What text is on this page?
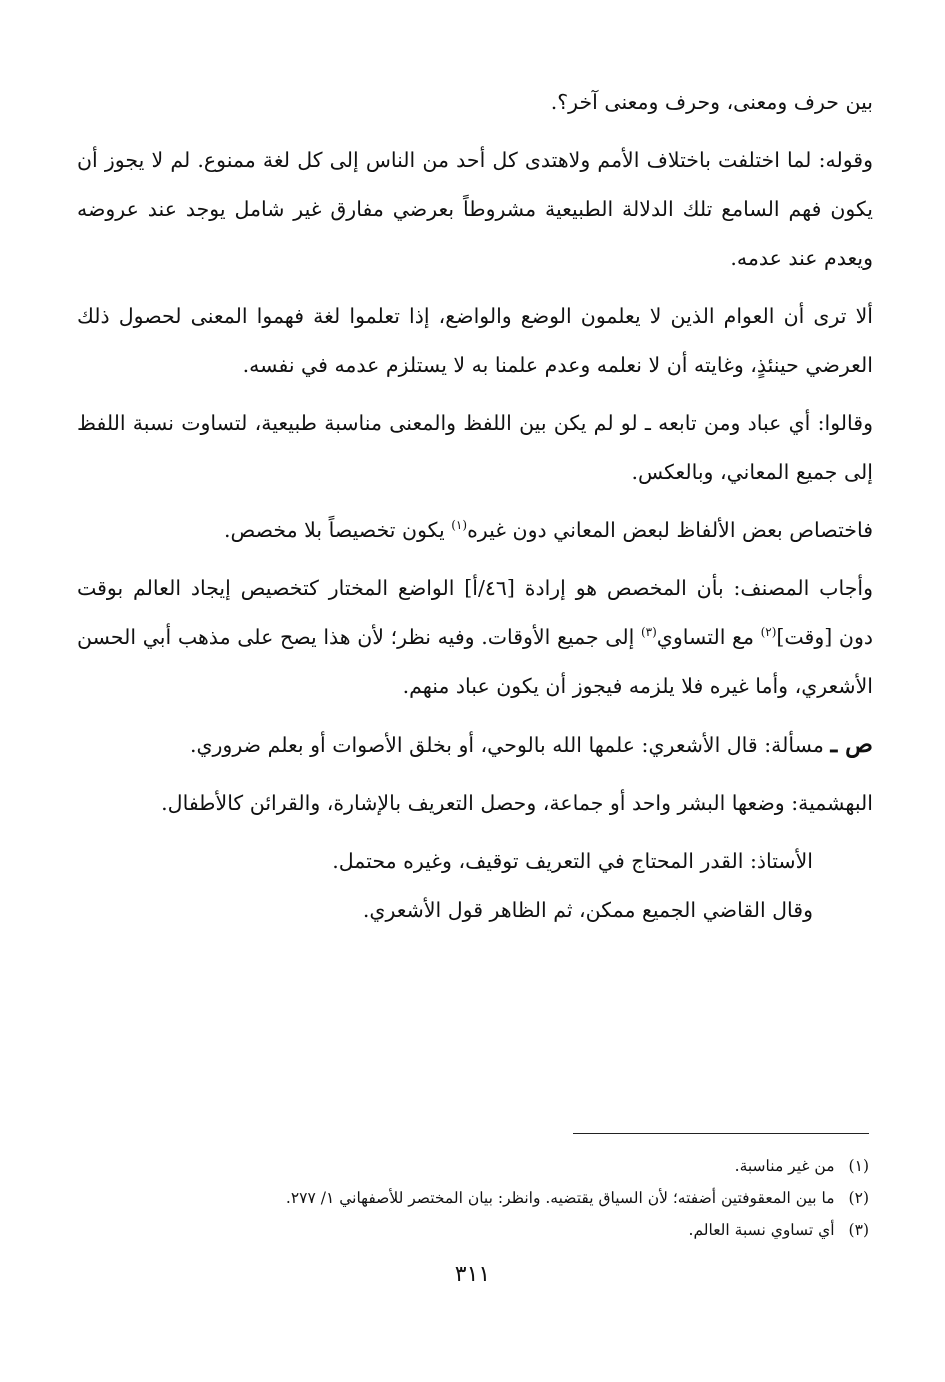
بين حرف ومعنى، وحرف ومعنى آخر؟.

وقوله: لما اختلفت باختلاف الأمم ولاهتدى كل أحد من الناس إلى كل لغة ممنوع. لم لا يجوز أن يكون فهم السامع تلك الدلالة الطبيعية مشروطاً بعرضي مفارق غير شامل يوجد عند عروضه ويعدم عند عدمه.

ألا ترى أن العوام الذين لا يعلمون الوضع والواضع، إذا تعلموا لغة فهموا المعنى لحصول ذلك العرضي حينئذٍ، وغايته أن لا نعلمه وعدم علمنا به لا يستلزم عدمه في نفسه.

وقالوا: أي عباد ومن تابعه ـ لو لم يكن بين اللفظ والمعنى مناسبة طبيعية، لتساوت نسبة اللفظ إلى جميع المعاني، وبالعكس.

فاختصاص بعض الألفاظ لبعض المعاني دون غيره$^{(١)}$ يكون تخصيصاً بلا مخصص.

وأجاب المصنف: بأن المخصص هو إرادة [٤٦/أ] الواضع المختار كتخصيص إيجاد العالم بوقت دون [وقت]$^{(٢)}$ مع التساوي$^{(٣)}$ إلى جميع الأوقات. وفيه نظر؛ لأن هذا يصح على مذهب أبي الحسن الأشعري، وأما غيره فلا يلزمه فيجوز أن يكون عباد منهم.

ص ـ مسألة: قال الأشعري: علمها الله بالوحي، أو بخلق الأصوات أو بعلم ضروري.

البهشمية: وضعها البشر واحد أو جماعة، وحصل التعريف بالإشارة، والقرائن كالأطفال.

الأستاذ: القدر المحتاج في التعريف توقيف، وغيره محتمل.

وقال القاضي الجميع ممكن، ثم الظاهر قول الأشعري.

(١)من غير مناسبة.
(٢)ما بين المعقوفتين أضفته؛ لأن السياق يقتضيه. وانظر: بيان المختصر للأصفهاني ١/ ٢٧٧.
(٣)أي تساوي نسبة العالم.
٣١١
